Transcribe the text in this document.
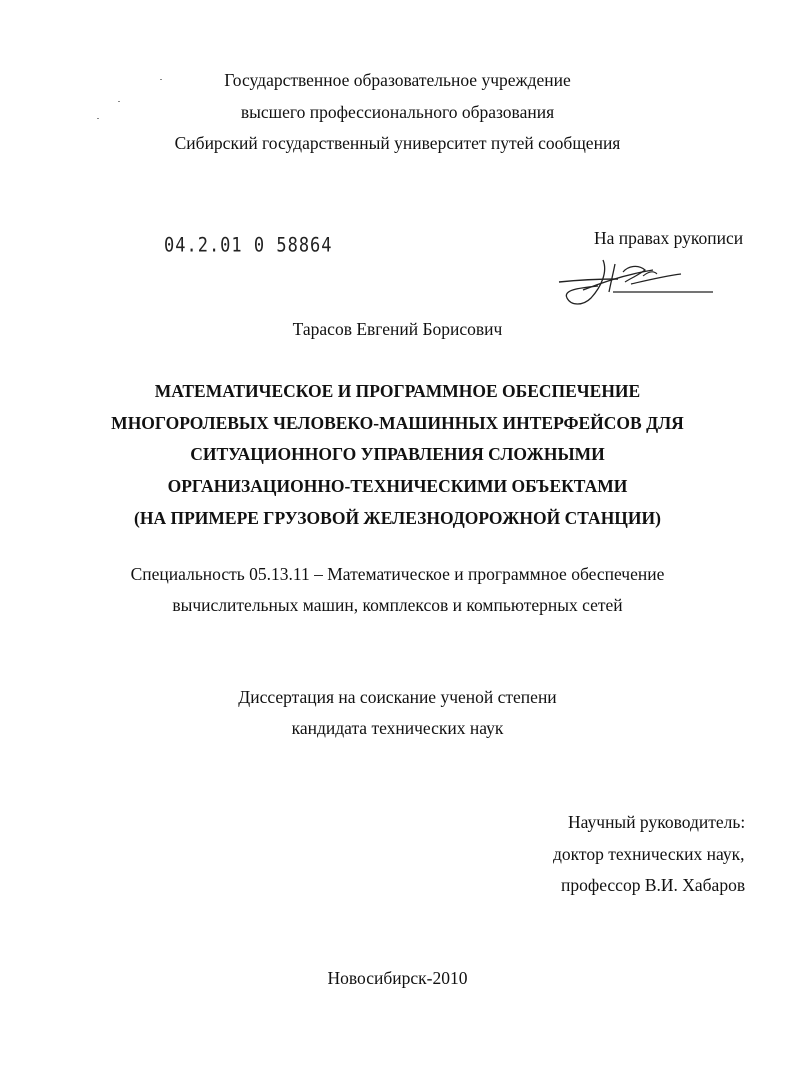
Государственное образовательное учреждение
высшего профессионального образования
Сибирский государственный университет путей сообщения
04.2.01 0 58864	На правах рукописи
Тарасов Евгений Борисович
МАТЕМАТИЧЕСКОЕ И ПРОГРАММНОЕ ОБЕСПЕЧЕНИЕ
МНОГОРОЛЕВЫХ ЧЕЛОВЕКО-МАШИННЫХ ИНТЕРФЕЙСОВ ДЛЯ
СИТУАЦИОННОГО УПРАВЛЕНИЯ СЛОЖНЫМИ
ОРГАНИЗАЦИОННО-ТЕХНИЧЕСКИМИ ОБЪЕКТАМИ
(НА ПРИМЕРЕ ГРУЗОВОЙ ЖЕЛЕЗНОДОРОЖНОЙ СТАНЦИИ)
Специальность 05.13.11 – Математическое и программное обеспечение
вычислительных машин, комплексов и компьютерных сетей
Диссертация на соискание ученой степени
кандидата технических наук
Научный руководитель:
доктор технических наук,
профессор В.И. Хабаров
Новосибирск-2010
